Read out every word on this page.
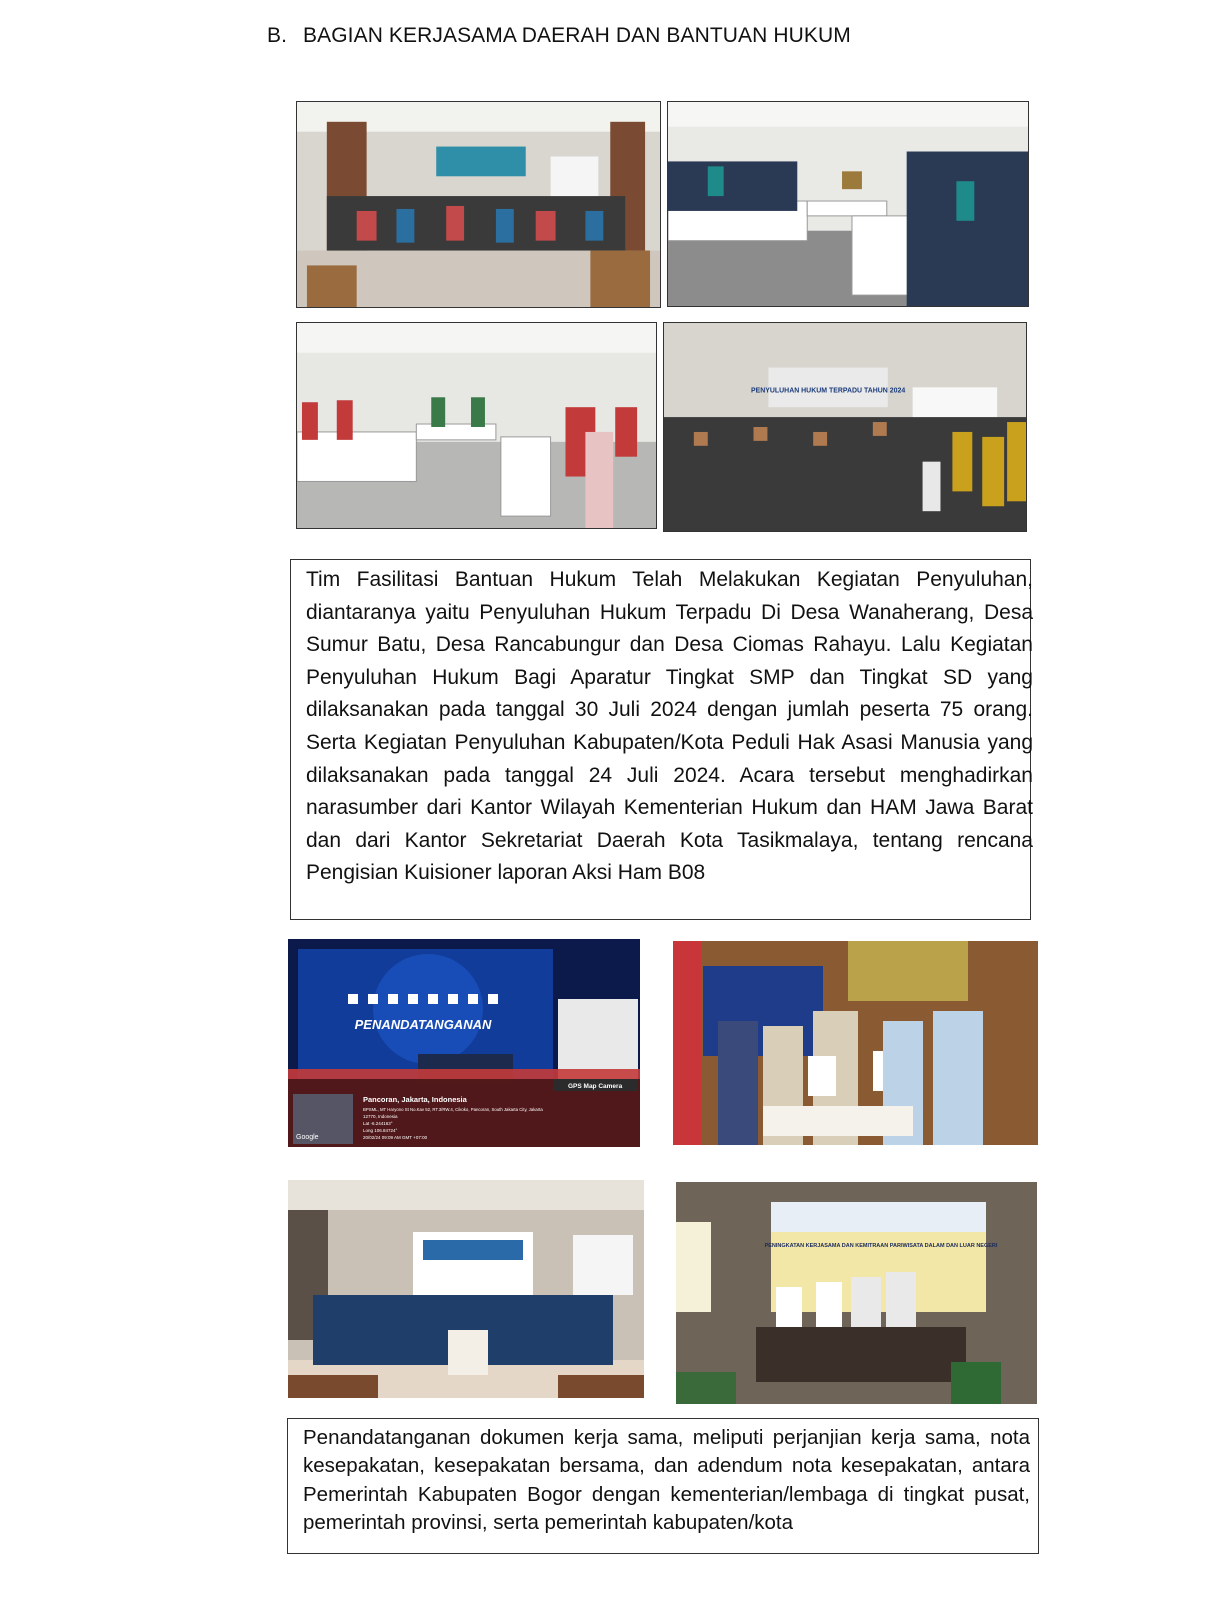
B. BAGIAN KERJASAMA DAERAH DAN BANTUAN HUKUM
PENYULUHAN HUKUM TERPADU TAHUN 2024

Tim Fasilitasi Bantuan Hukum Telah Melakukan Kegiatan Penyuluhan, diantaranya yaitu Penyuluhan Hukum Terpadu Di Desa Wanaherang, Desa Sumur Batu, Desa Rancabungur dan Desa Ciomas Rahayu. Lalu Kegiatan Penyuluhan Hukum Bagi Aparatur Tingkat SMP dan Tingkat SD yang dilaksanakan pada tanggal 30 Juli 2024 dengan jumlah peserta 75 orang. Serta Kegiatan Penyuluhan Kabupaten/Kota Peduli Hak Asasi Manusia yang dilaksanakan pada tanggal 24 Juli 2024. Acara tersebut menghadirkan narasumber dari Kantor Wilayah Kementerian Hukum dan HAM Jawa Barat dan dari Kantor Sekretariat Daerah Kota Tasikmalaya, tentang rencana Pengisian Kuisioner laporan Aksi Ham B08

PENANDATANGANAN
GPS Map Camera
Pancoran, Jakarta, Indonesia
BPSML, MT Haryono St No.Kav 52, RT.3/RW.4, Cikoko, Pancoran, South Jakarta City, Jakarta
12770, Indonesia
Lat -6.244163°
Long 106.84724°
20/02/24 09:09 AM GMT +07:00
Google
PENINGKATAN KERJASAMA DAN KEMITRAAN PARIWISATA DALAM DAN LUAR NEGERI

Penandatanganan dokumen kerja sama, meliputi perjanjian kerja sama, nota kesepakatan, kesepakatan bersama, dan adendum nota kesepakatan, antara Pemerintah Kabupaten Bogor dengan kementerian/lembaga di tingkat pusat, pemerintah provinsi, serta pemerintah kabupaten/kota
